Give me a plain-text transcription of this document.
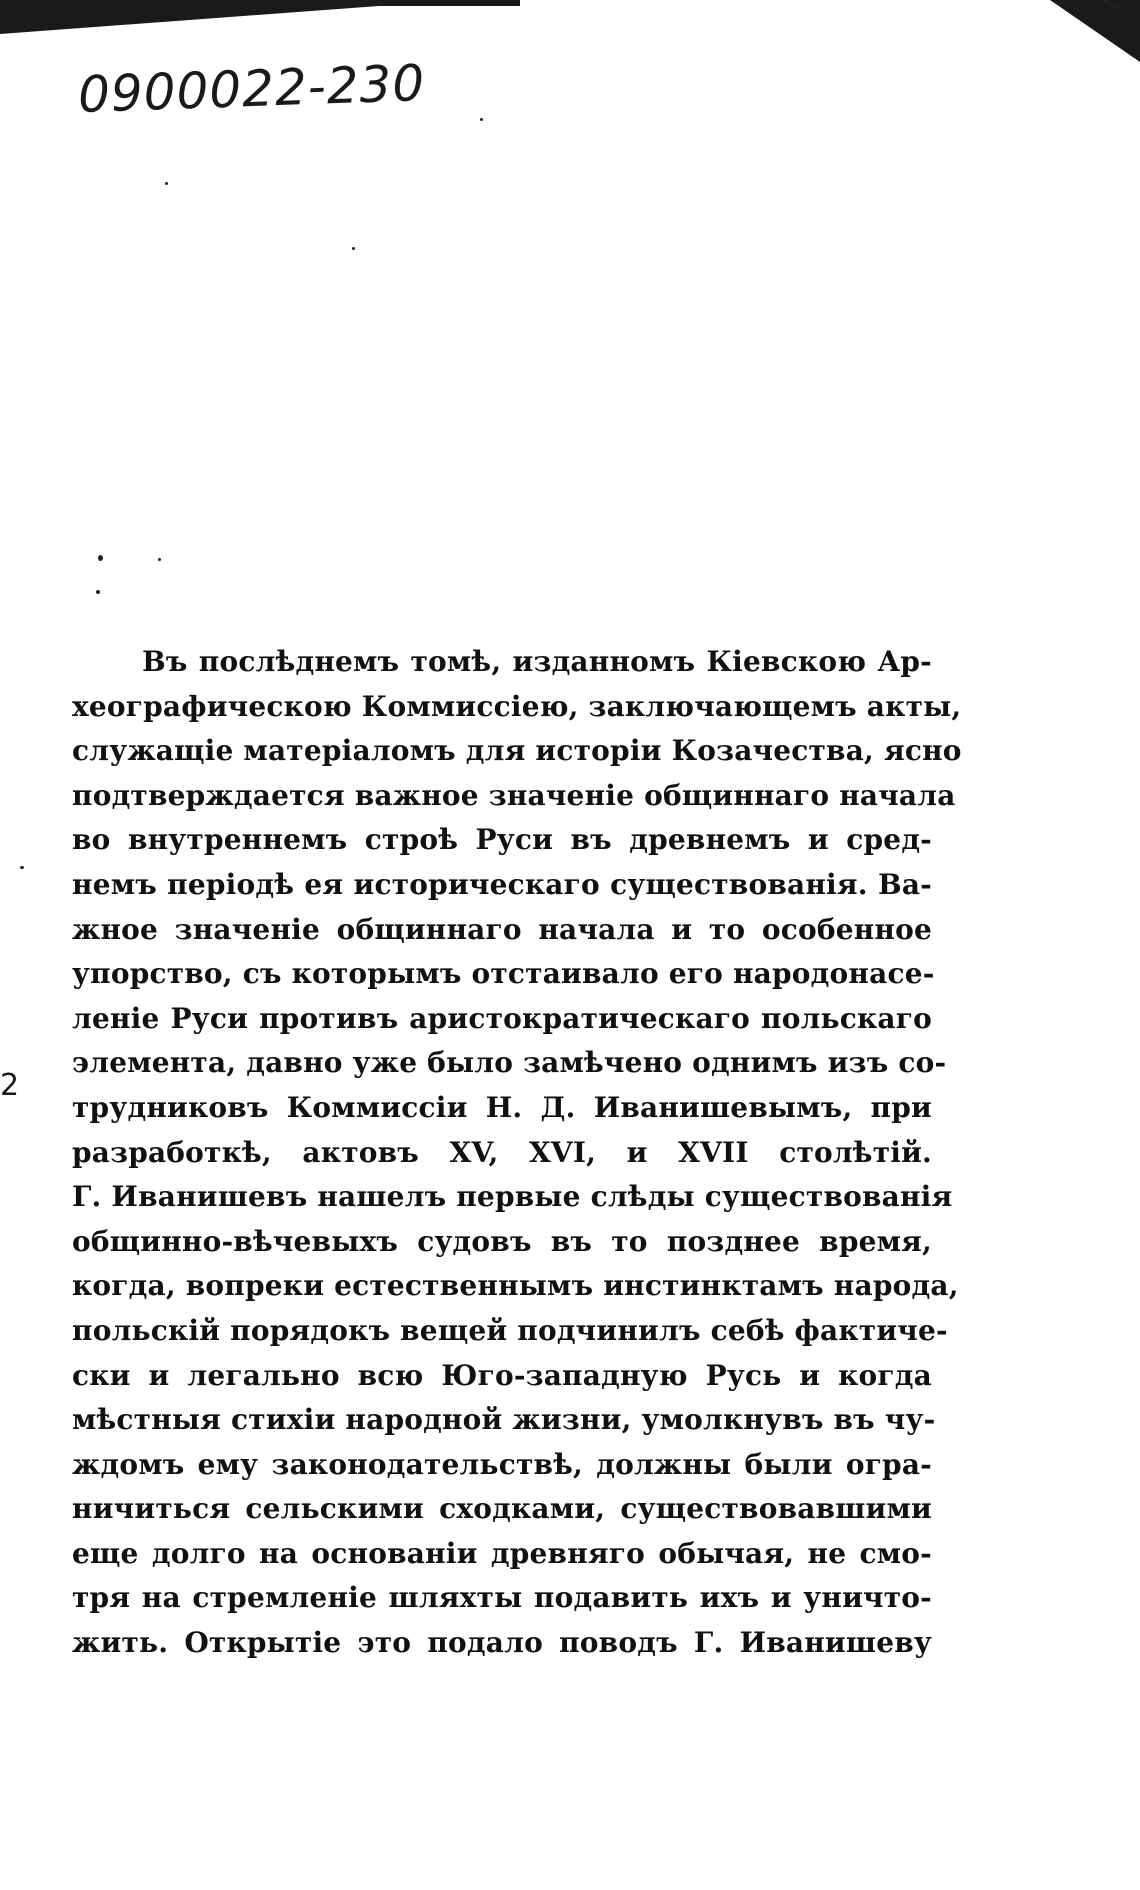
0900022-230
2
Въ послѣднемъ томѣ, изданномъ Кіевскою Ар-
хеографическою Коммиссіею, заключающемъ акты,
служащіе матеріаломъ для исторіи Козачества, ясно
подтверждается важное значеніе общиннаго начала
во внутреннемъ строѣ Руси въ древнемъ и сред-
немъ періодѣ ея историческаго существованія. Ва-
жное значеніе общиннаго начала и то особенное
упорство, съ которымъ отстаивало его народонасе-
леніе Руси противъ аристократическаго польскаго
элемента, давно уже было замѣчено однимъ изъ со-
трудниковъ Коммиссіи Н. Д. Иванишевымъ, при
разработкѣ, актовъ XV, XVI, и XVII столѣтій.
Г. Иванишевъ нашелъ первые слѣды существованія
общинно-вѣчевыхъ судовъ въ то позднее время,
когда, вопреки естественнымъ инстинктамъ народа,
польскій порядокъ вещей подчинилъ себѣ фактиче-
ски и легально всю Юго-западную Русь и когда
мѣстныя стихіи народной жизни, умолкнувъ въ чу-
ждомъ ему законодательствѣ, должны были огра-
ничиться сельскими сходками, существовавшими
еще долго на основаніи древняго обычая, не смо-
тря на стремленіе шляхты подавить ихъ и уничто-
жить. Открытіе это подало поводъ Г. Иванишеву
